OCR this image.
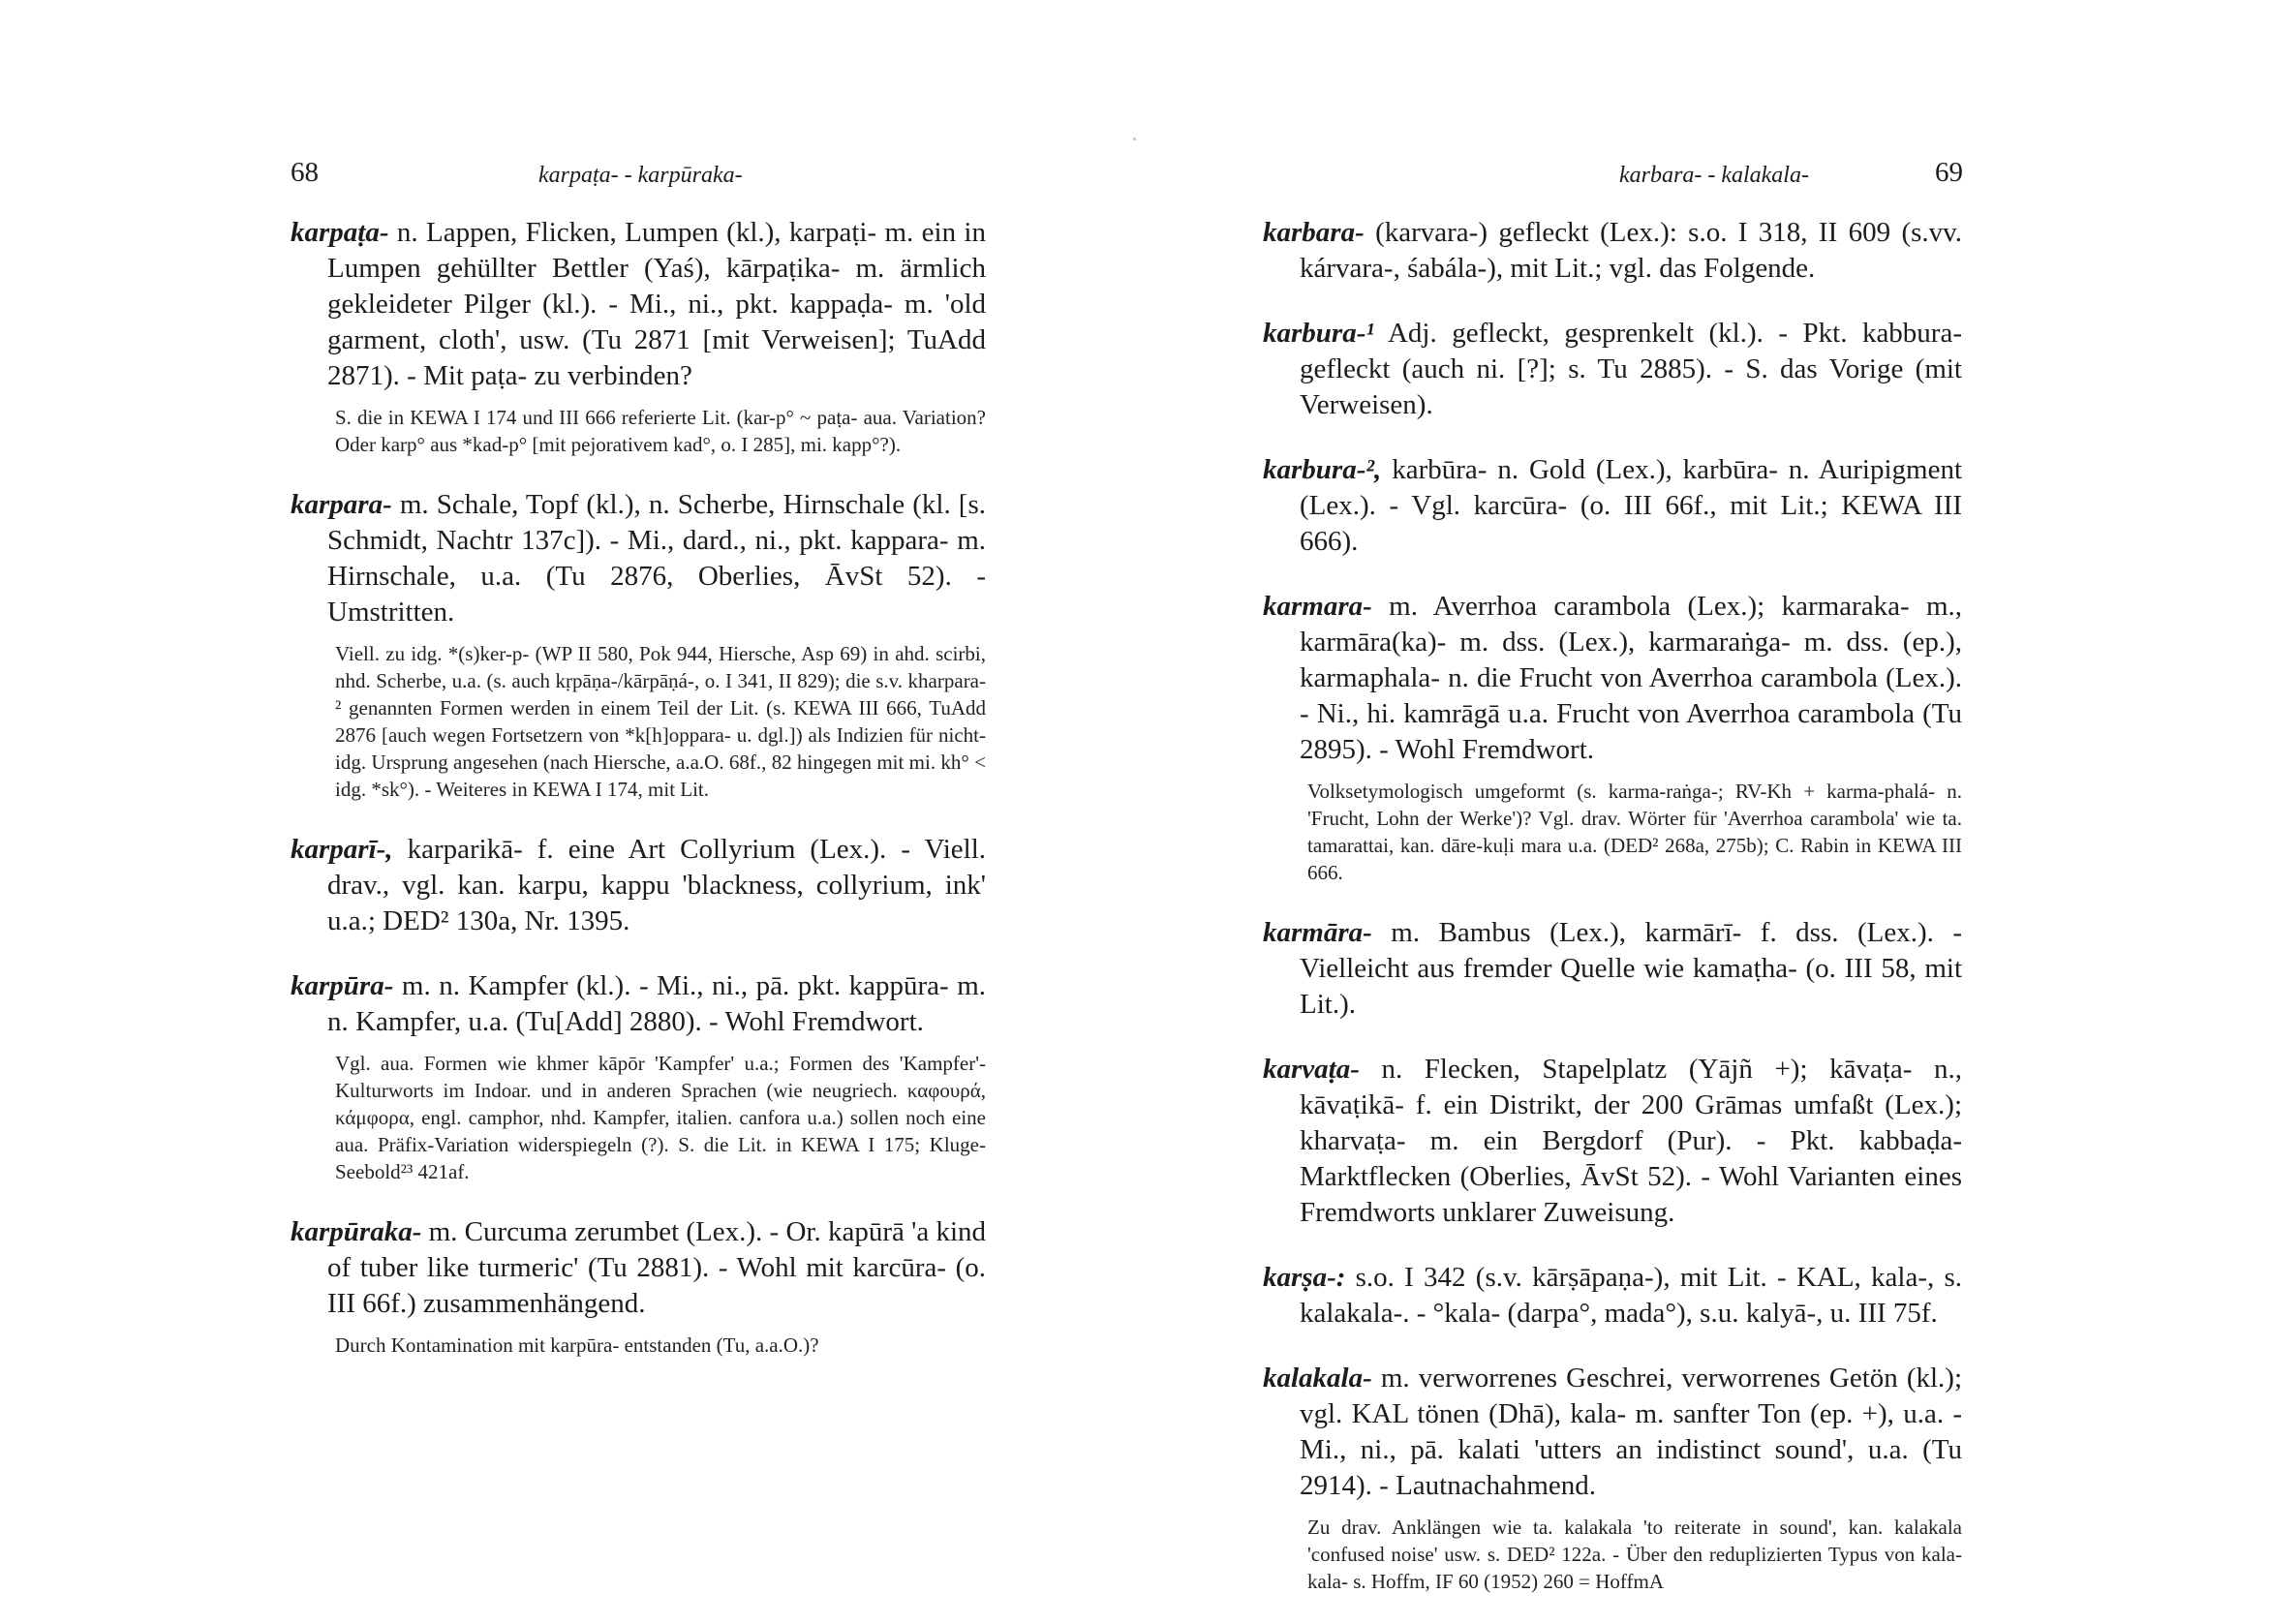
68	karpaṭa- - karpūraka-

karpaṭa- n. Lappen, Flicken, Lumpen (kl.), karpaṭi- m. ein in Lumpen gehüllter Bettler (Yaś), kārpaṭika- m. ärmlich gekleideter Pilger (kl.). - Mi., ni., pkt. kappaḍa- m. 'old garment, cloth', usw. (Tu 2871 [mit Verweisen]; TuAdd 2871). - Mit paṭa- zu verbinden?

S. die in KEWA I 174 und III 666 referierte Lit. (kar-p° ~ paṭa- aua. Variation? Oder karp° aus *kad-p° [mit pejorativem kad°, o. I 285], mi. kapp°?).

karpara- m. Schale, Topf (kl.), n. Scherbe, Hirnschale (kl. [s. Schmidt, Nachtr 137c]). - Mi., dard., ni., pkt. kappara- m. Hirnschale, u.a. (Tu 2876, Oberlies, ĀvSt 52). - Umstritten.

Viell. zu idg. *(s)ker-p- (WP II 580, Pok 944, Hiersche, Asp 69) in ahd. scirbi, nhd. Scherbe, u.a. (s. auch kṛpāṇa-/kārpāṇá-, o. I 341, II 829); die s.v. kharpara-² genannten Formen werden in einem Teil der Lit. (s. KEWA III 666, TuAdd 2876 [auch wegen Fortsetzern von *k[h]oppara- u. dgl.]) als Indizien für nicht-idg. Ursprung angesehen (nach Hiersche, a.a.O. 68f., 82 hingegen mit mi. kh° < idg. *sk°). - Weiteres in KEWA I 174, mit Lit.

karparī-, karparikā- f. eine Art Collyrium (Lex.). - Viell. drav., vgl. kan. karpu, kappu 'blackness, collyrium, ink' u.a.; DED² 130a, Nr. 1395.

karpūra- m. n. Kampfer (kl.). - Mi., ni., pā. pkt. kappūra- m. n. Kampfer, u.a. (Tu[Add] 2880). - Wohl Fremdwort.

Vgl. aua. Formen wie khmer kāpōr 'Kampfer' u.a.; Formen des 'Kampfer'-Kulturworts im Indoar. und in anderen Sprachen (wie neugriech. καφουρά, κάμφορα, engl. camphor, nhd. Kampfer, italien. canfora u.a.) sollen noch eine aua. Präfix-Variation widerspiegeln (?). S. die Lit. in KEWA I 175; Kluge-Seebold²³ 421af.

karpūraka- m. Curcuma zerumbet (Lex.). - Or. kapūrā 'a kind of tuber like turmeric' (Tu 2881). - Wohl mit karcūra- (o. III 66f.) zusammenhängend.

Durch Kontamination mit karpūra- entstanden (Tu, a.a.O.)?

karbara- - kalakala-	69

karbara- (karvara-) gefleckt (Lex.): s.o. I 318, II 609 (s.vv. kárvara-, śabála-), mit Lit.; vgl. das Folgende.

karbura-¹ Adj. gefleckt, gesprenkelt (kl.). - Pkt. kabbura- gefleckt (auch ni. [?]; s. Tu 2885). - S. das Vorige (mit Verweisen).

karbura-², karbūra- n. Gold (Lex.), karbūra- n. Auripigment (Lex.). - Vgl. karcūra- (o. III 66f., mit Lit.; KEWA III 666).

karmara- m. Averrhoa carambola (Lex.); karmaraka- m., karmāra(ka)- m. dss. (Lex.), karmaraṅga- m. dss. (ep.), karmaphala- n. die Frucht von Averrhoa carambola (Lex.). - Ni., hi. kamrāgā u.a. Frucht von Averrhoa carambola (Tu 2895). - Wohl Fremdwort.

Volksetymologisch umgeformt (s. karma-raṅga-; RV-Kh + karma-phalá- n. 'Frucht, Lohn der Werke')? Vgl. drav. Wörter für 'Averrhoa carambola' wie ta. tamarattai, kan. dāre-kuḷi mara u.a. (DED² 268a, 275b); C. Rabin in KEWA III 666.

karmāra- m. Bambus (Lex.), karmārī- f. dss. (Lex.). - Vielleicht aus fremder Quelle wie kamaṭha- (o. III 58, mit Lit.).

karvaṭa- n. Flecken, Stapelplatz (Yājñ +); kāvaṭa- n., kāvaṭikā- f. ein Distrikt, der 200 Grāmas umfaßt (Lex.); kharvaṭa- m. ein Bergdorf (Pur). - Pkt. kabbaḍa- Marktflecken (Oberlies, ĀvSt 52). - Wohl Varianten eines Fremdworts unklarer Zuweisung.

karṣa-: s.o. I 342 (s.v. kārṣāpaṇa-), mit Lit. - KAL, kala-, s. kalakala-. - °kala- (darpa°, mada°), s.u. kalyā-, u. III 75f.

kalakala- m. verworrenes Geschrei, verworrenes Getön (kl.); vgl. KAL tönen (Dhā), kala- m. sanfter Ton (ep. +), u.a. - Mi., ni., pā. kalati 'utters an indistinct sound', u.a. (Tu 2914). - Lautnachahmend.

Zu drav. Anklängen wie ta. kalakala 'to reiterate in sound', kan. kalakala 'confused noise' usw. s. DED² 122a. - Über den reduplizierten Typus von kala-kala- s. Hoffm, IF 60 (1952) 260 = HoffmA
